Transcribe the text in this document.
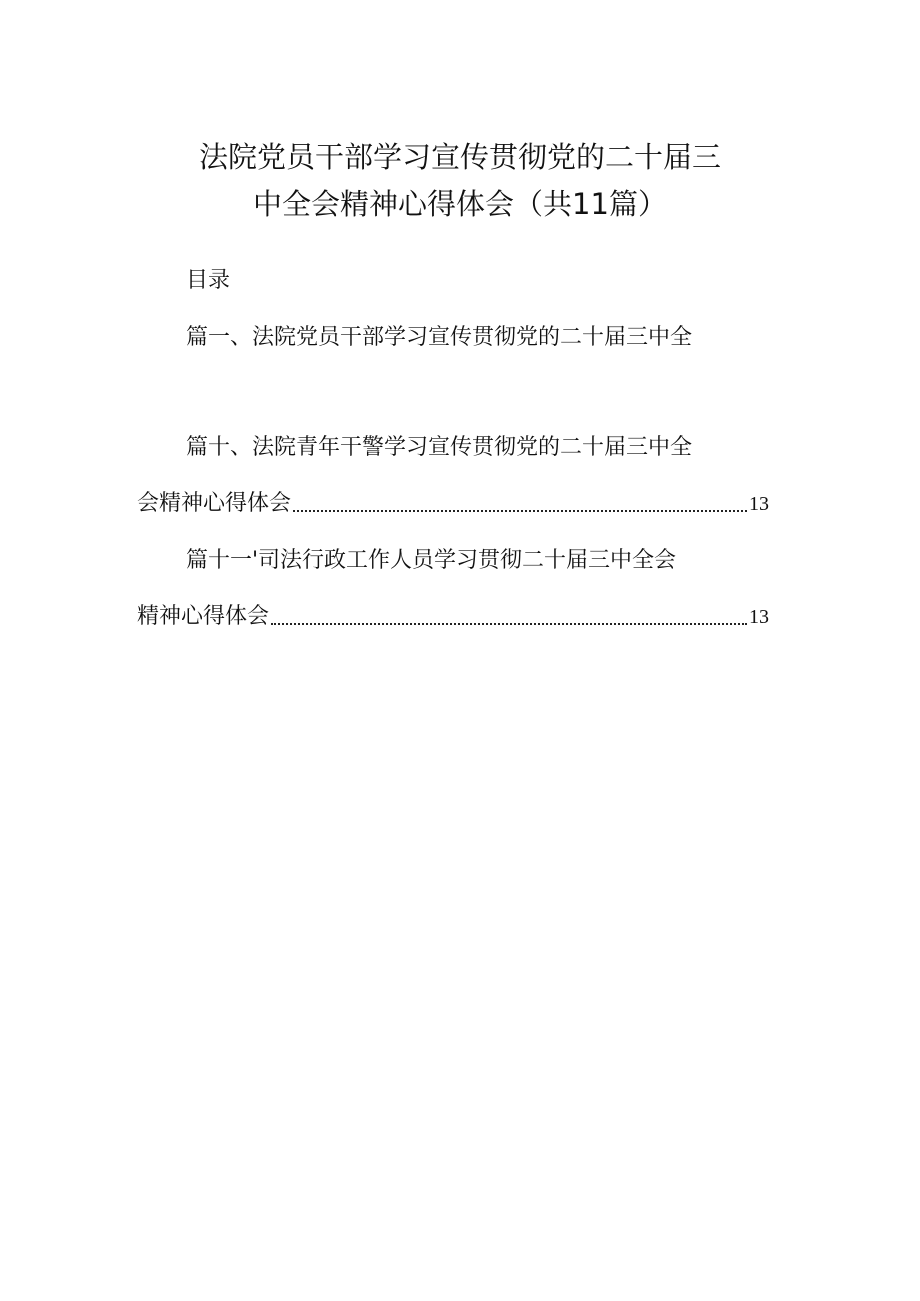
法院党员干部学习宣传贯彻党的二十届三
中全会精神心得体会（共11篇）
目录
篇一、法院党员干部学习宣传贯彻党的二十届三中全
篇十、法院青年干警学习宣传贯彻党的二十届三中全
会精神心得体会	13
篇十一'司法行政工作人员学习贯彻二十届三中全会
精神心得体会	13
